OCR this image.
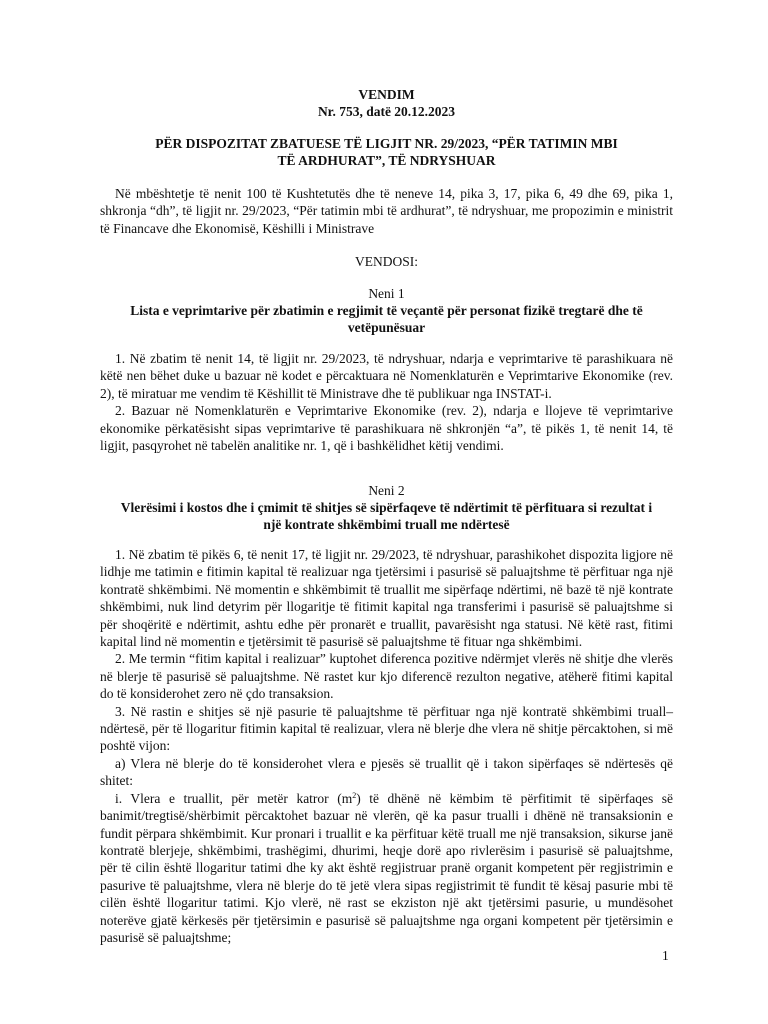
VENDIM

Nr. 753, datë 20.12.2023

PËR DISPOZITAT ZBATUESE TË LIGJIT NR. 29/2023, “PËR TATIMIN MBI

TË ARDHURAT”, TË NDRYSHUAR

Në mbështetje të nenit 100 të Kushtetutës dhe të neneve 14, pika 3, 17, pika 6, 49 dhe 69, pika 1, shkronja “dh”, të ligjit nr. 29/2023, “Për tatimin mbi të ardhurat”, të ndryshuar, me propozimin e ministrit të Financave dhe Ekonomisë, Këshilli i Ministrave
VENDOSI:
Neni 1
Lista e veprimtarive për zbatimin e regjimit të veçantë për personat fizikë tregtarë dhe të vetëpunësuar

1. Në zbatim të nenit 14, të ligjit nr. 29/2023, të ndryshuar, ndarja e veprimtarive të parashikuara në këtë nen bëhet duke u bazuar në kodet e përcaktuara në Nomenklaturën e Veprimtarive Ekonomike (rev. 2), të miratuar me vendim të Këshillit të Ministrave dhe të publikuar nga INSTAT-i.

2. Bazuar në Nomenklaturën e Veprimtarive Ekonomike (rev. 2), ndarja e llojeve të veprimtarive ekonomike përkatësisht sipas veprimtarive të parashikuara në shkronjën “a”, të pikës 1, të nenit 14, të ligjit, pasqyrohet në tabelën analitike nr. 1, që i bashkëlidhet këtij vendimi.

Neni 2
Vlerësimi i kostos dhe i çmimit të shitjes së sipërfaqeve të ndërtimit të përfituara si rezultat i një kontrate shkëmbimi truall me ndërtesë

1. Në zbatim të pikës 6, të nenit 17, të ligjit nr. 29/2023, të ndryshuar, parashikohet dispozita ligjore në lidhje me tatimin e fitimin kapital të realizuar nga tjetërsimi i pasurisë së paluajtshme të përfituar nga një kontratë shkëmbimi. Në momentin e shkëmbimit të truallit me sipërfaqe ndërtimi, në bazë të një kontrate shkëmbimi, nuk lind detyrim për llogaritje të fitimit kapital nga transferimi i pasurisë së paluajtshme si për shoqëritë e ndërtimit, ashtu edhe për pronarët e truallit, pavarësisht nga statusi. Në këtë rast, fitimi kapital lind në momentin e tjetërsimit të pasurisë së paluajtshme të fituar nga shkëmbimi.

2. Me termin “fitim kapital i realizuar” kuptohet diferenca pozitive ndërmjet vlerës në shitje dhe vlerës në blerje të pasurisë së paluajtshme. Në rastet kur kjo diferencë rezulton negative, atëherë fitimi kapital do të konsiderohet zero në çdo transaksion.

3. Në rastin e shitjes së një pasurie të paluajtshme të përfituar nga një kontratë shkëmbimi truall–ndërtesë, për të llogaritur fitimin kapital të realizuar, vlera në blerje dhe vlera në shitje përcaktohen, si më poshtë vijon:

a) Vlera në blerje do të konsiderohet vlera e pjesës së truallit që i takon sipërfaqes së ndërtesës që shitet:

i. Vlera e truallit, për metër katror $(m^2)$ të dhënë në këmbim të përfitimit të sipërfaqes së banimit/tregtisë/shërbimit përcaktohet bazuar në vlerën, që ka pasur trualli i dhënë në transaksionin e fundit përpara shkëmbimit. Kur pronari i truallit e ka përfituar këtë truall me një transaksion, sikurse janë kontratë blerjeje, shkëmbimi, trashëgimi, dhurimi, heqje dorë apo rivlerësim i pasurisë së paluajtshme, për të cilin është llogaritur tatimi dhe ky akt është regjistruar pranë organit kompetent për regjistrimin e pasurive të paluajtshme, vlera në blerje do të jetë vlera sipas regjistrimit të fundit të kësaj pasurie mbi të cilën është llogaritur tatimi. Kjo vlerë, në rast se ekziston një akt tjetërsimi pasurie, u mundësohet noterëve gjatë kërkesës për tjetërsimin e pasurisë së paluajtshme nga organi kompetent për tjetërsimin e pasurisë së paluajtshme;

1
